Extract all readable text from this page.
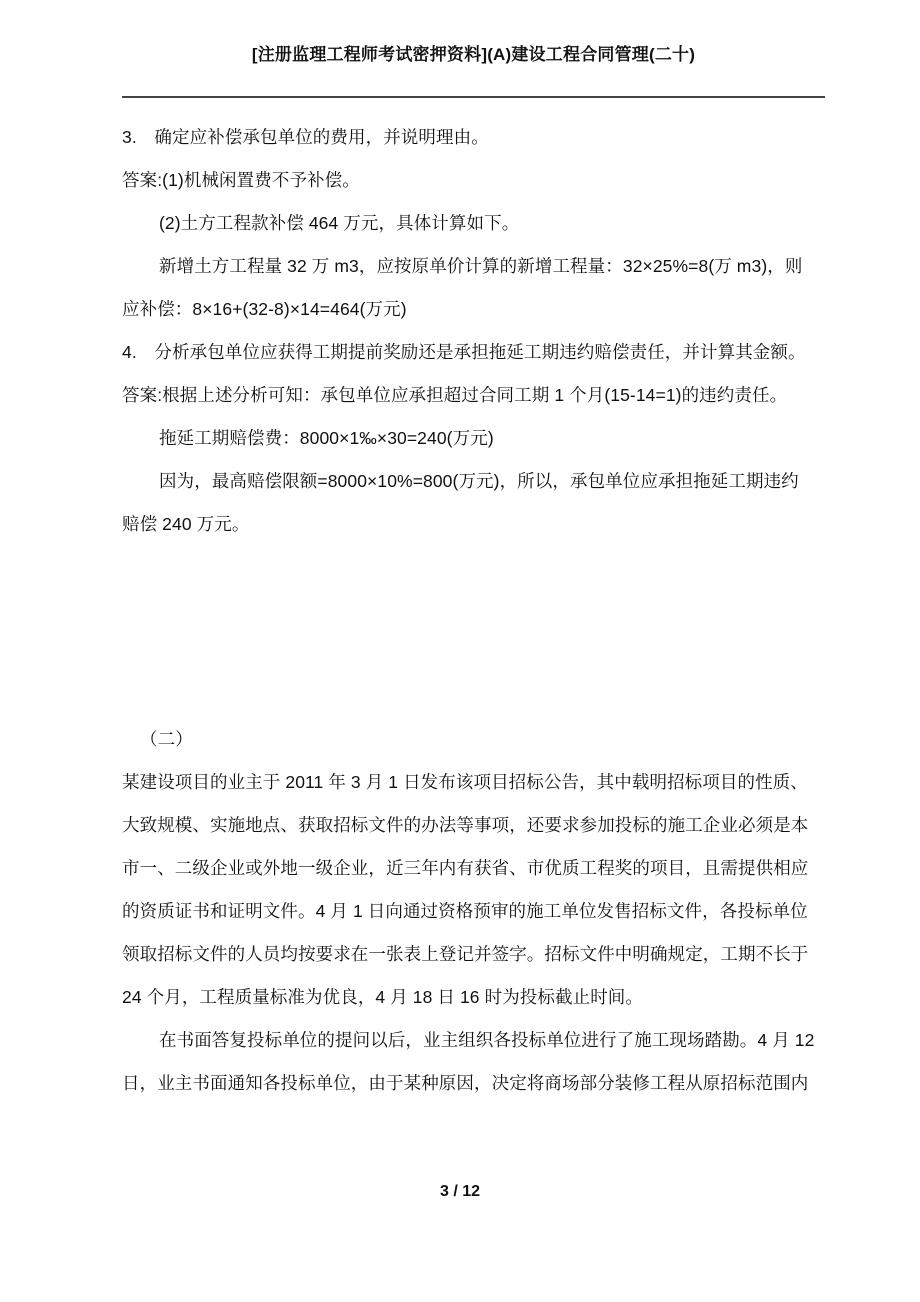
[注册监理工程师考试密押资料](A)建设工程合同管理(二十)
3.　确定应补偿承包单位的费用，并说明理由。
答案:(1)机械闲置费不予补偿。
(2)土方工程款补偿 464 万元，具体计算如下。
新增土方工程量 32 万 m3，应按原单价计算的新增工程量：32×25%=8(万 m3)，则
应补偿：8×16+(32-8)×14=464(万元)
4.　分析承包单位应获得工期提前奖励还是承担拖延工期违约赔偿责任，并计算其金额。
答案:根据上述分析可知：承包单位应承担超过合同工期 1 个月(15-14=1)的违约责任。
拖延工期赔偿费：8000×1‰×30=240(万元)
因为，最高赔偿限额=8000×10%=800(万元)，所以，承包单位应承担拖延工期违约
赔偿 240 万元。
（二）
某建设项目的业主于 2011 年 3 月 1 日发布该项目招标公告，其中载明招标项目的性质、
大致规模、实施地点、获取招标文件的办法等事项，还要求参加投标的施工企业必须是本
市一、二级企业或外地一级企业，近三年内有获省、市优质工程奖的项目，且需提供相应
的资质证书和证明文件。4 月 1 日向通过资格预审的施工单位发售招标文件，各投标单位
领取招标文件的人员均按要求在一张表上登记并签字。招标文件中明确规定，工期不长于
24 个月，工程质量标准为优良，4 月 18 日 16 时为投标截止时间。
在书面答复投标单位的提问以后，业主组织各投标单位进行了施工现场踏勘。4 月 12
日，业主书面通知各投标单位，由于某种原因，决定将商场部分装修工程从原招标范围内
3 / 12
